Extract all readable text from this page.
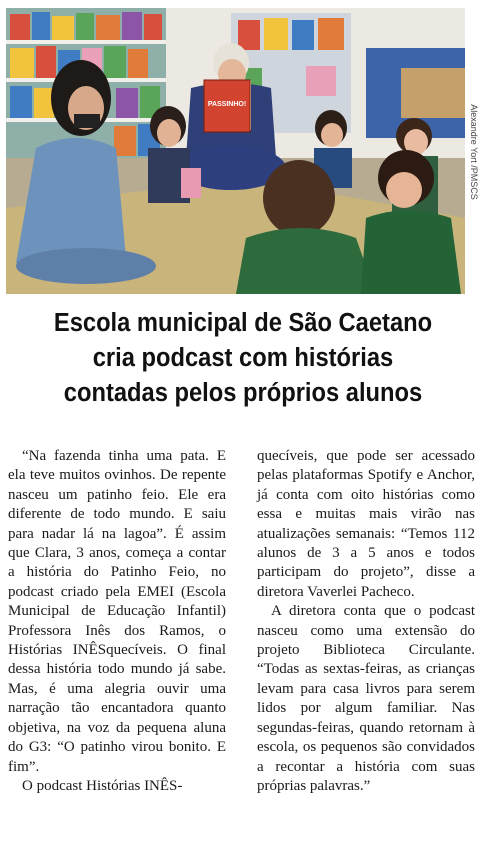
PASSINHO!	Alexandre Yort /PMSCS
Escola municipal de São Caetano
cria podcast com histórias
contadas pelos próprios alunos

“Na fazenda tinha uma pata. E ela teve muitos ovinhos. De repente nasceu um patinho feio. Ele era diferente de todo mundo. E saiu para nadar lá na lagoa”. É assim que Clara, 3 anos, começa a contar a história do Patinho Feio, no podcast criado pela EMEI (Escola Municipal de Educação Infantil) Professora Inês dos Ramos, o Histórias INÊSquecíveis. O final dessa história todo mundo já sabe. Mas, é uma alegria ouvir uma narração tão encantadora quanto objetiva, na voz da pequena aluna do G3: “O patinho virou bonito. E fim”.

O podcast Histórias INÊS-

quecíveis, que pode ser acessado pelas plataformas Spotify e Anchor, já conta com oito histórias como essa e muitas mais virão nas atualizações semanais: “Temos 112 alunos de 3 a 5 anos e todos participam do projeto”, disse a diretora Vaverlei Pacheco.

A diretora conta que o podcast nasceu como uma extensão do projeto Biblioteca Circulante. “Todas as sextas-feiras, as crianças levam para casa livros para serem lidos por algum familiar. Nas segundas-feiras, quando retornam à escola, os pequenos são convidados a recontar a história com suas próprias palavras.”
